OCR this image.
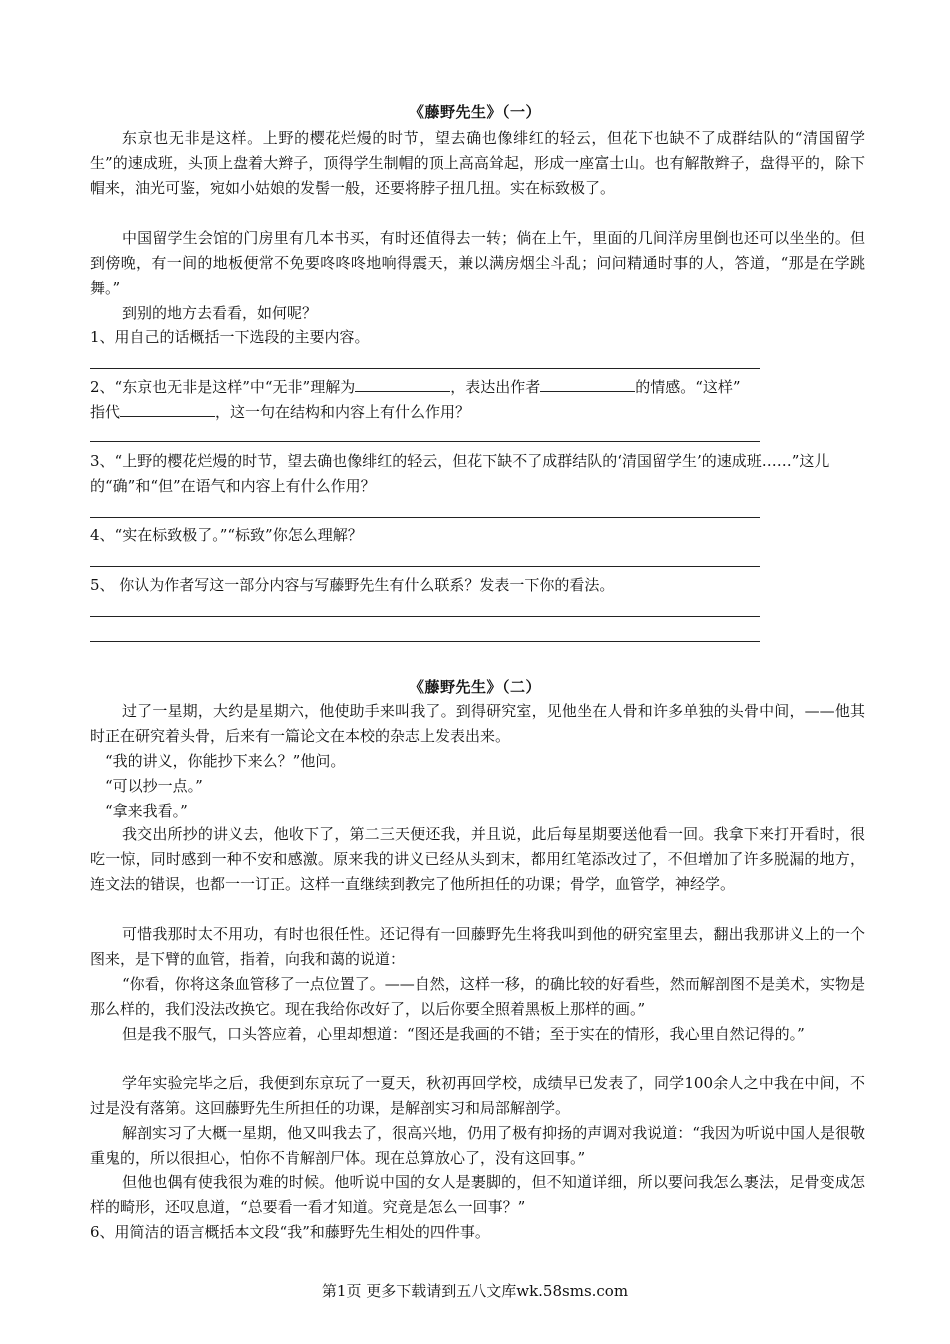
《藤野先生》（一）

东京也无非是这样。上野的樱花烂熳的时节，望去确也像绯红的轻云，但花下也缺不了成群结队的“清国留学生”的速成班，头顶上盘着大辫子，顶得学生制帽的顶上高高耸起，形成一座富士山。也有解散辫子，盘得平的，除下帽来，油光可鉴，宛如小姑娘的发髻一般，还要将脖子扭几扭。实在标致极了。

中国留学生会馆的门房里有几本书买，有时还值得去一转；倘在上午，里面的几间洋房里倒也还可以坐坐的。但到傍晚，有一间的地板便常不免要咚咚咚地响得震天，兼以满房烟尘斗乱；问问精通时事的人，答道，“那是在学跳舞。”

到别的地方去看看，如何呢？

1、用自己的话概括一下选段的主要内容。

2、“东京也无非是这样”中“无非”理解为	，表达出作者	的情感。“这样”
指代	，这一句在结构和内容上有什么作用？

3、“上野的樱花烂熳的时节，望去确也像绯红的轻云，但花下缺不了成群结队的‘清国留学生’的速成班……”这儿的“确”和“但”在语气和内容上有什么作用？

4、“实在标致极了。”“标致”你怎么理解？

5、 你认为作者写这一部分内容与写藤野先生有什么联系？发表一下你的看法。

《藤野先生》（二）

过了一星期，大约是星期六，他使助手来叫我了。到得研究室，见他坐在人骨和许多单独的头骨中间，——他其时正在研究着头骨，后来有一篇论文在本校的杂志上发表出来。

“我的讲义，你能抄下来么？”他问。

“可以抄一点。”

“拿来我看。”

我交出所抄的讲义去，他收下了，第二三天便还我，并且说，此后每星期要送他看一回。我拿下来打开看时，很吃一惊，同时感到一种不安和感激。原来我的讲义已经从头到末，都用红笔添改过了，不但增加了许多脱漏的地方，连文法的错误，也都一一订正。这样一直继续到教完了他所担任的功课；骨学，血管学，神经学。

可惜我那时太不用功，有时也很任性。还记得有一回藤野先生将我叫到他的研究室里去，翻出我那讲义上的一个图来，是下臂的血管，指着，向我和蔼的说道：

“你看，你将这条血管移了一点位置了。——自然，这样一移，的确比较的好看些，然而解剖图不是美术，实物是那么样的，我们没法改换它。现在我给你改好了，以后你要全照着黑板上那样的画。”

但是我不服气，口头答应着，心里却想道：“图还是我画的不错；至于实在的情形，我心里自然记得的。”

学年实验完毕之后，我便到东京玩了一夏天，秋初再回学校，成绩早已发表了，同学100余人之中我在中间，不过是没有落第。这回藤野先生所担任的功课，是解剖实习和局部解剖学。

解剖实习了大概一星期，他又叫我去了，很高兴地，仍用了极有抑扬的声调对我说道：“我因为听说中国人是很敬重鬼的，所以很担心，怕你不肯解剖尸体。现在总算放心了，没有这回事。”

但他也偶有使我很为难的时候。他听说中国的女人是裹脚的，但不知道详细，所以要问我怎么裹法，足骨变成怎样的畸形，还叹息道，“总要看一看才知道。究竟是怎么一回事？”

6、用简洁的语言概括本文段“我”和藤野先生相处的四件事。

第1页 更多下载请到五八文库wk.58sms.com
